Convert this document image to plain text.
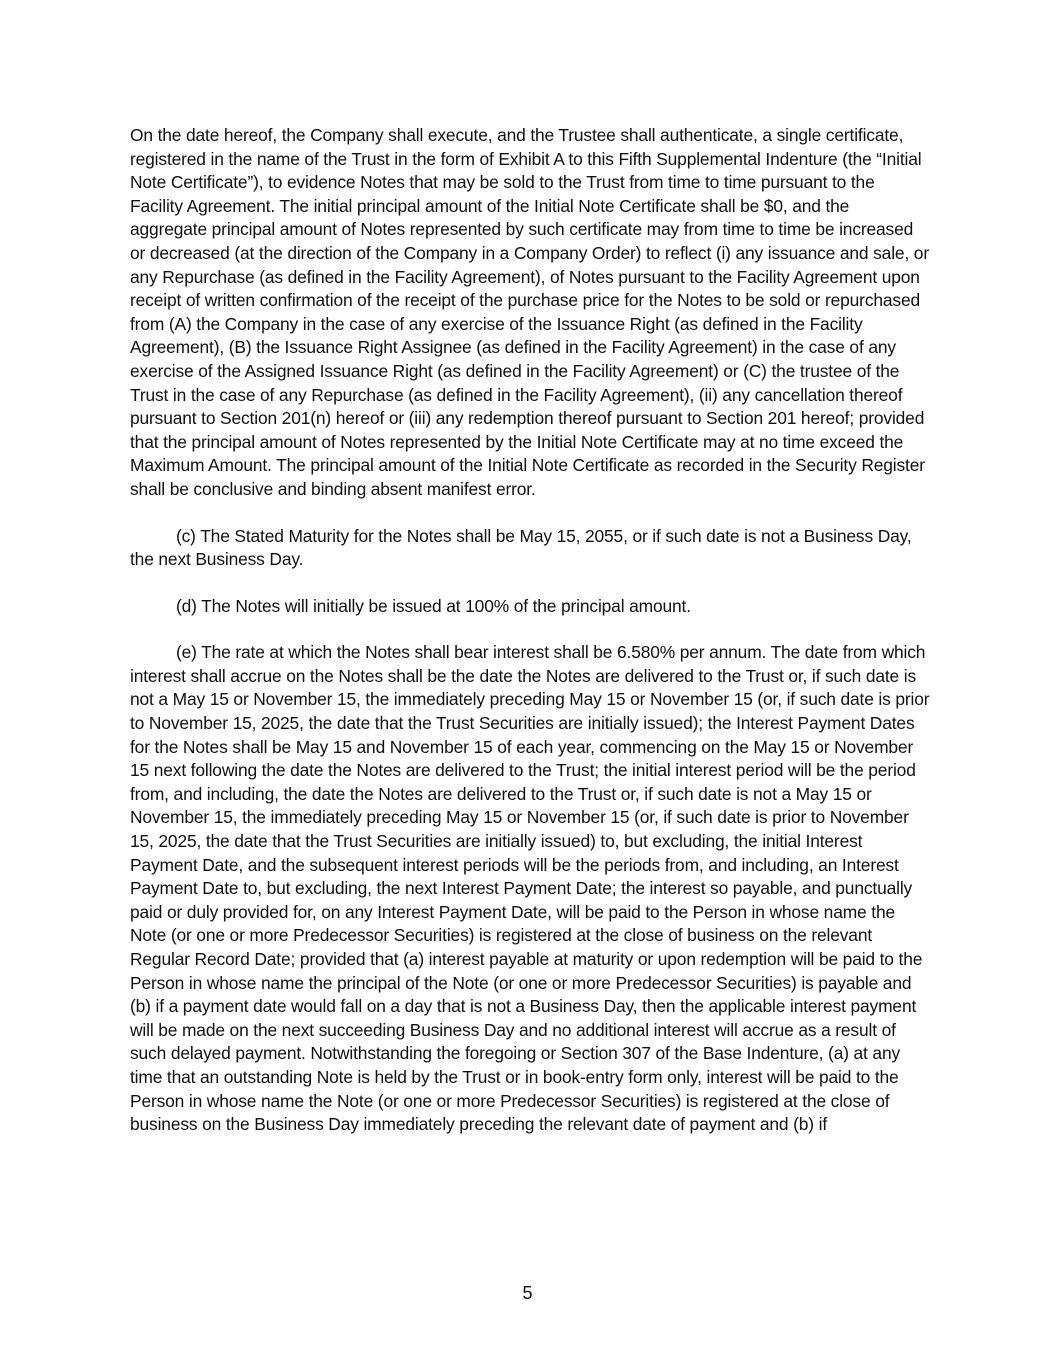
On the date hereof, the Company shall execute, and the Trustee shall authenticate, a single certificate, registered in the name of the Trust in the form of Exhibit A to this Fifth Supplemental Indenture (the “Initial Note Certificate”), to evidence Notes that may be sold to the Trust from time to time pursuant to the Facility Agreement. The initial principal amount of the Initial Note Certificate shall be $0, and the aggregate principal amount of Notes represented by such certificate may from time to time be increased or decreased (at the direction of the Company in a Company Order) to reflect (i) any issuance and sale, or any Repurchase (as defined in the Facility Agreement), of Notes pursuant to the Facility Agreement upon receipt of written confirmation of the receipt of the purchase price for the Notes to be sold or repurchased from (A) the Company in the case of any exercise of the Issuance Right (as defined in the Facility Agreement), (B) the Issuance Right Assignee (as defined in the Facility Agreement) in the case of any exercise of the Assigned Issuance Right (as defined in the Facility Agreement) or (C) the trustee of the Trust in the case of any Repurchase (as defined in the Facility Agreement), (ii) any cancellation thereof pursuant to Section 201(n) hereof or (iii) any redemption thereof pursuant to Section 201 hereof; provided that the principal amount of Notes represented by the Initial Note Certificate may at no time exceed the Maximum Amount. The principal amount of the Initial Note Certificate as recorded in the Security Register shall be conclusive and binding absent manifest error.

(c) The Stated Maturity for the Notes shall be May 15, 2055, or if such date is not a Business Day, the next Business Day.

(d) The Notes will initially be issued at 100% of the principal amount.

(e) The rate at which the Notes shall bear interest shall be 6.580% per annum. The date from which interest shall accrue on the Notes shall be the date the Notes are delivered to the Trust or, if such date is not a May 15 or November 15, the immediately preceding May 15 or November 15 (or, if such date is prior to November 15, 2025, the date that the Trust Securities are initially issued); the Interest Payment Dates for the Notes shall be May 15 and November 15 of each year, commencing on the May 15 or November 15 next following the date the Notes are delivered to the Trust; the initial interest period will be the period from, and including, the date the Notes are delivered to the Trust or, if such date is not a May 15 or November 15, the immediately preceding May 15 or November 15 (or, if such date is prior to November 15, 2025, the date that the Trust Securities are initially issued) to, but excluding, the initial Interest Payment Date, and the subsequent interest periods will be the periods from, and including, an Interest Payment Date to, but excluding, the next Interest Payment Date; the interest so payable, and punctually paid or duly provided for, on any Interest Payment Date, will be paid to the Person in whose name the Note (or one or more Predecessor Securities) is registered at the close of business on the relevant Regular Record Date; provided that (a) interest payable at maturity or upon redemption will be paid to the Person in whose name the principal of the Note (or one or more Predecessor Securities) is payable and (b) if a payment date would fall on a day that is not a Business Day, then the applicable interest payment will be made on the next succeeding Business Day and no additional interest will accrue as a result of such delayed payment. Notwithstanding the foregoing or Section 307 of the Base Indenture, (a) at any time that an outstanding Note is held by the Trust or in book-entry form only, interest will be paid to the Person in whose name the Note (or one or more Predecessor Securities) is registered at the close of business on the Business Day immediately preceding the relevant date of payment and (b) if

5
